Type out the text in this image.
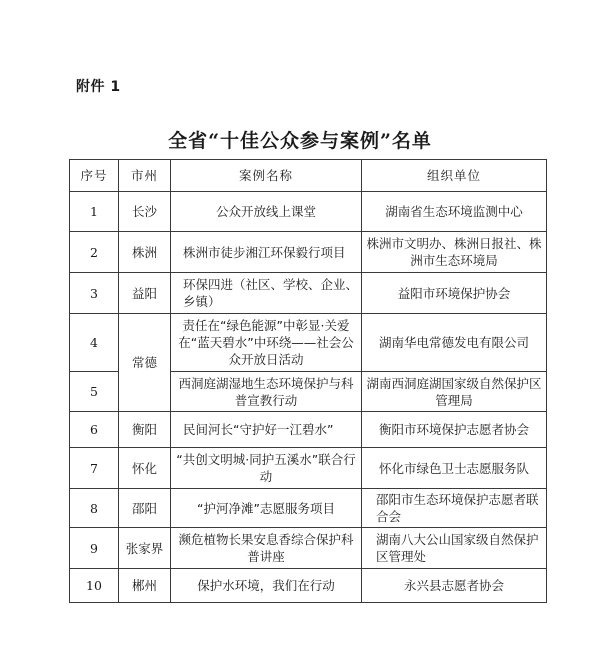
附件 1
全省“十佳公众参与案例”名单
序号	市州	案例名称	组织单位
1	长沙	公众开放线上课堂	湖南省生态环境监测中心
2	株洲	株洲市徒步湘江环保毅行项目	株洲市文明办、株洲日报社、株洲市生态环境局
3	益阳	环保四进（社区、学校、企业、乡镇）	益阳市环境保护协会
4	常德	责任在“绿色能源”中彰显·关爱在“蓝天碧水”中环绕——社会公众开放日活动	湖南华电常德发电有限公司
5		西洞庭湖湿地生态环境保护与科普宣教行动	湖南西洞庭湖国家级自然保护区管理局
6	衡阳	民间河长“守护好一江碧水”	衡阳市环境保护志愿者协会
7	怀化	“共创文明城·同护五溪水”联合行动	怀化市绿色卫士志愿服务队
8	邵阳	“护河净滩”志愿服务项目	邵阳市生态环境保护志愿者联合会
9	张家界	濒危植物长果安息香综合保护科普讲座	湖南八大公山国家级自然保护区管理处
10	郴州	保护水环境，我们在行动	永兴县志愿者协会
